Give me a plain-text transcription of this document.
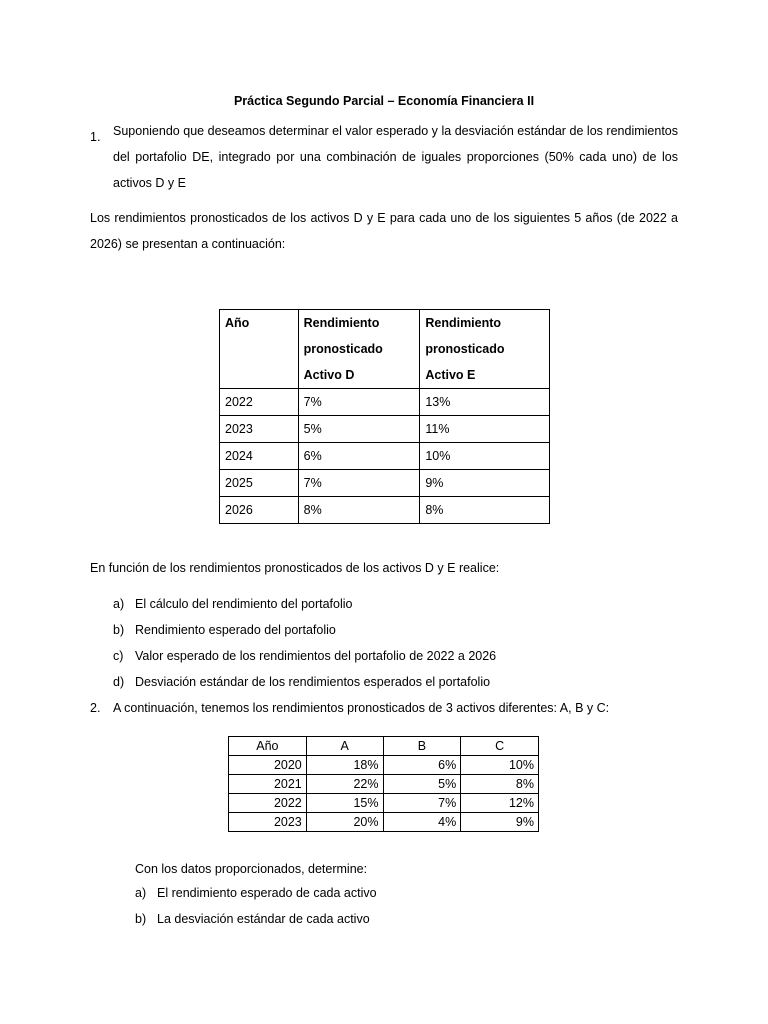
Práctica Segundo Parcial – Economía Financiera II
1.	Suponiendo que deseamos determinar el valor esperado y la desviación estándar de los rendimientos del portafolio DE, integrado por una combinación de iguales proporciones (50% cada uno) de los activos D y E
Los rendimientos pronosticados de los activos D y E para cada uno de los siguientes 5 años (de 2022 a 2026) se presentan a continuación:
Año	Rendimiento pronosticado Activo D	Rendimiento pronosticado Activo E
2022	7%	13%
2023	5%	11%
2024	6%	10%
2025	7%	9%
2026	8%	8%
En función de los rendimientos pronosticados de los activos D y E realice:
a) El cálculo del rendimiento del portafolio
b) Rendimiento esperado del portafolio
c) Valor esperado de los rendimientos del portafolio de 2022 a 2026
d) Desviación estándar de los rendimientos esperados el portafolio
2.	A continuación, tenemos los rendimientos pronosticados de 3 activos diferentes: A, B y C:
Año	A	B	C
2020	18%	6%	10%
2021	22%	5%	8%
2022	15%	7%	12%
2023	20%	4%	9%
Con los datos proporcionados, determine:
a) El rendimiento esperado de cada activo
b) La desviación estándar de cada activo
